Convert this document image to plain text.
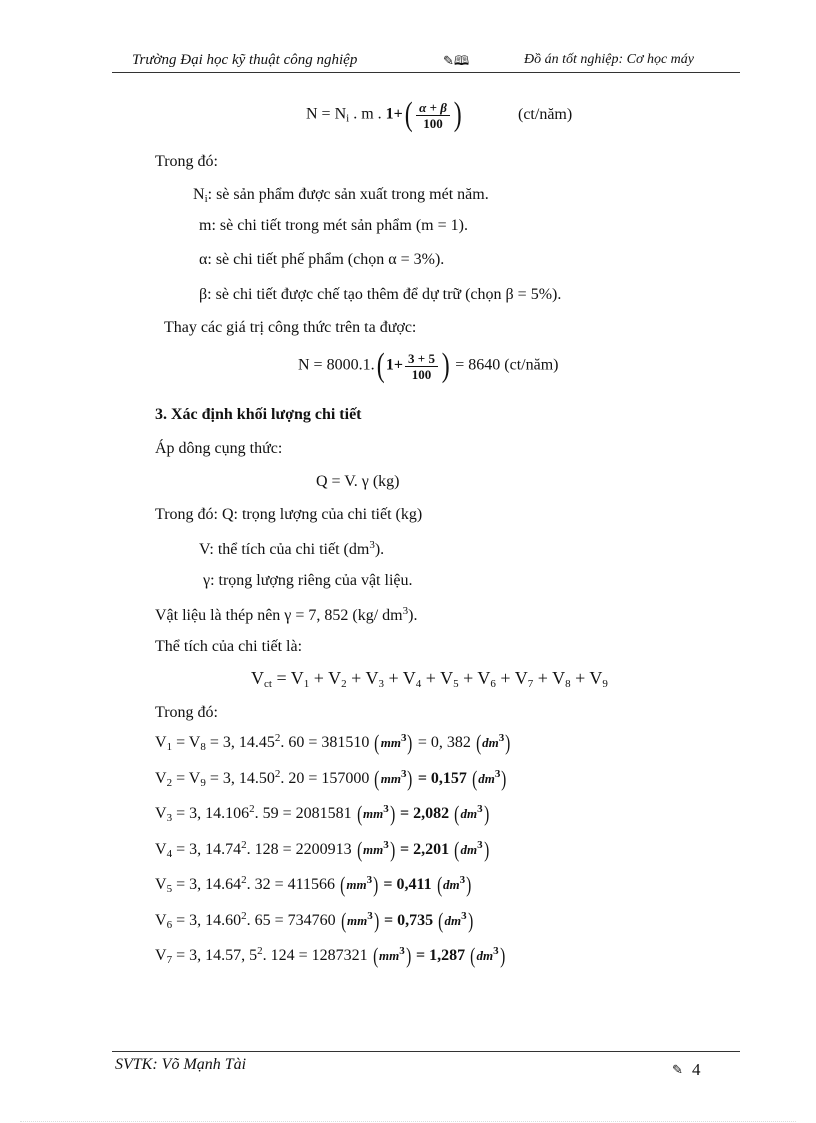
Trường Đại học kỹ thuật công nghiệp	✎🕮	Đồ án tốt nghiệp: Cơ học máy
$N = N_i$ . m . $1+( \frac{\alpha + \beta}{100}$ )	(ct/năm)
Trong đó:
$N_i$: sè sản phẩm được sản xuất trong mét năm.
m: sè chi tiết trong mét sản phẩm (m = 1).
α: sè chi tiết phế phẩm (chọn α = 3%).
β: sè chi tiết được chế tạo thêm để dự trữ (chọn β = 5%).
Thay các giá trị công thức trên ta được:
N = 8000.1.( $1+ \frac{3 + 5}{100}$ ) = 8640 (ct/năm)
3. Xác định khối lượng chi tiết
Áp dông cụng thức:
Q = V. γ (kg)
Trong đó: Q: trọng lượng của chi tiết (kg)
V: thể tích của chi tiết $(dm^3)$.
γ: trọng lượng riêng của vật liệu.
Vật liệu là thép nên γ = 7, 852 (kg/ $dm^3$).
Thể tích của chi tiết là:
$V_{ct} = V_1 + V_2 + V_3 + V_4 + V_5 + V_6 + V_7 + V_8 + V_9$
Trong đó:
$V_1 = V_8 = 3$, 14.45$^2$. 60 = 381510 $(mm^3) = 0$, 382 $(dm^3)$
$V_2 = V_9 = 3$, 14.50$^2$. 20 = 157000 $(mm^3) = 0,157$ $(dm^3)$
$V_3 = 3$, 14.106$^2$. 59 = 2081581 $(mm^3) = 2,082$ $(dm^3)$
$V_4 = 3$, 14.74$^2$. 128 = 2200913 $(mm^3) = 2,201$ $(dm^3)$
$V_5 = 3$, 14.64$^2$. 32 = 411566 $(mm^3) = 0,411$ $(dm^3)$
$V_6 = 3$, 14.60$^2$. 65 = 734760 $(mm^3) = 0,735$ $(dm^3)$
$V_7 = 3$, 14.57, $5^2$. 124 = 1287321 $(mm^3) = 1,287$ $(dm^3)$
SVTK: Võ Mạnh Tài	✎ 4
